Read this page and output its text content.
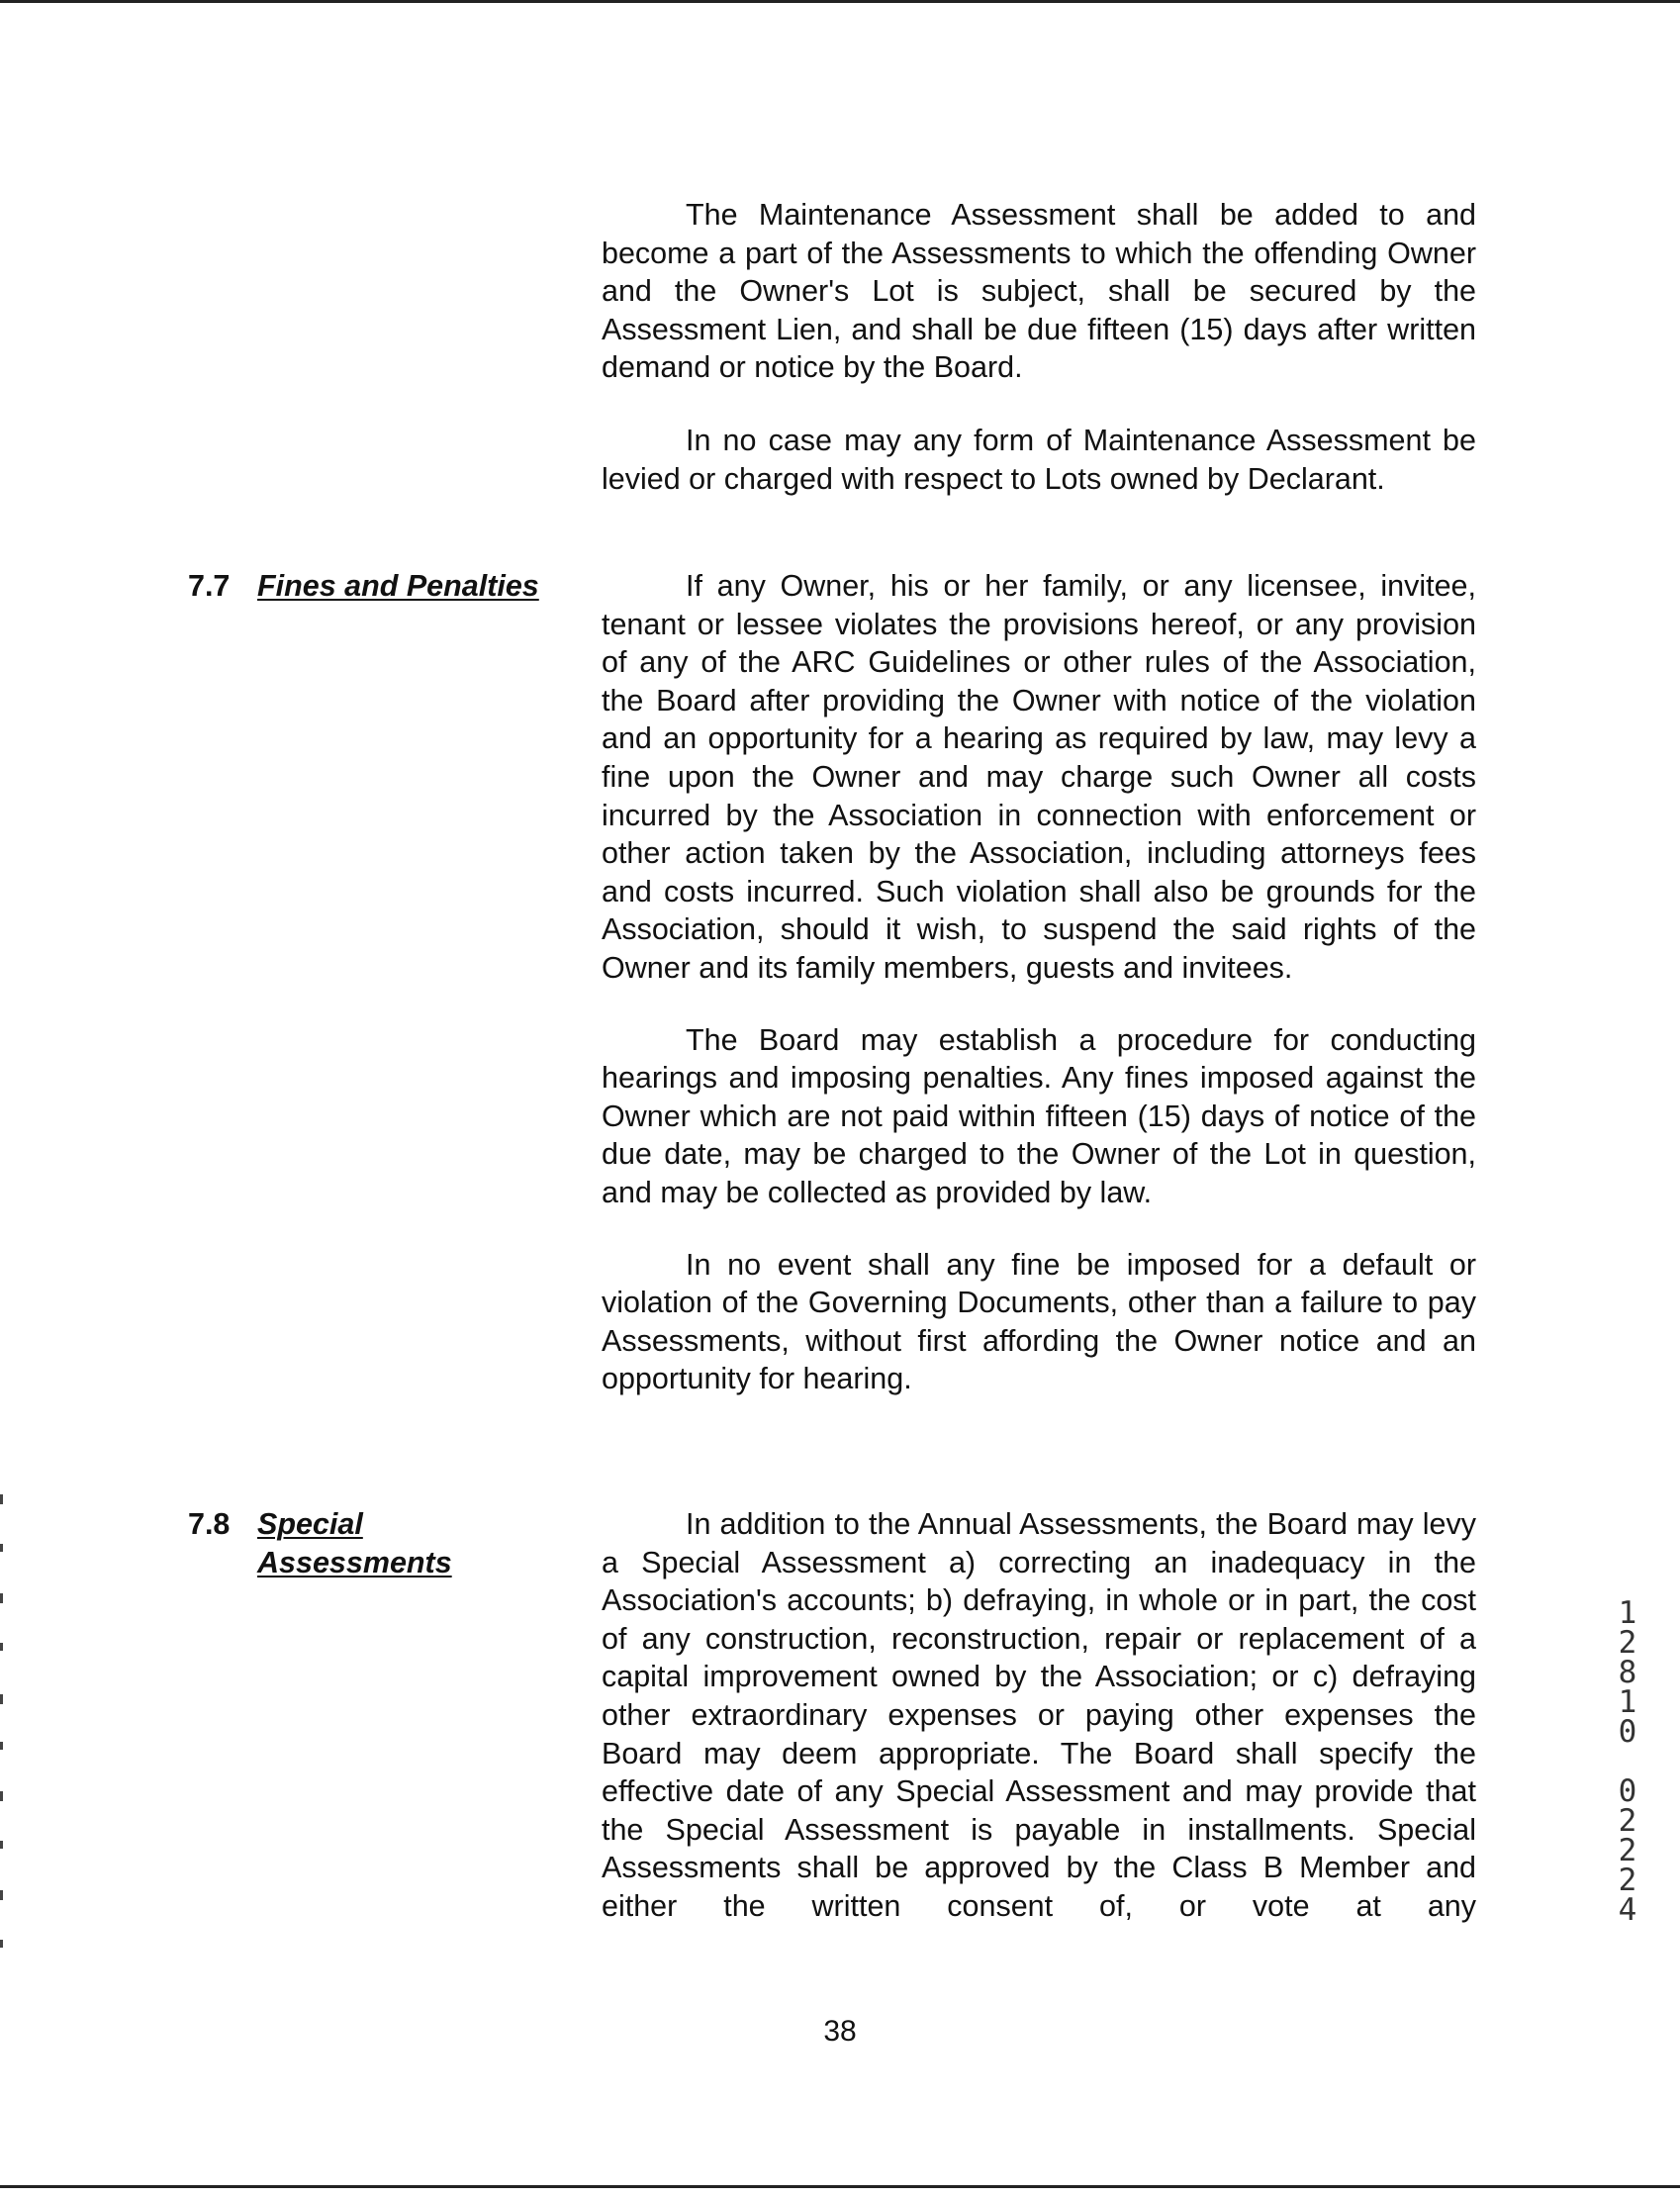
The Maintenance Assessment shall be added to and become a part of the Assessments to which the offending Owner and the Owner's Lot is subject, shall be secured by the Assessment Lien, and shall be due fifteen (15) days after written demand or notice by the Board.

In no case may any form of Maintenance Assessment be levied or charged with respect to Lots owned by Declarant.

7.7 Fines and Penalties	If any Owner, his or her family, or any licensee, invitee, tenant or lessee violates the provisions hereof, or any provision of any of the ARC Guidelines or other rules of the Association, the Board after providing the Owner with notice of the violation and an opportunity for a hearing as required by law, may levy a fine upon the Owner and may charge such Owner all costs incurred by the Association in connection with enforcement or other action taken by the Association, including attorneys fees and costs incurred. Such violation shall also be grounds for the Association, should it wish, to suspend the said rights of the Owner and its family members, guests and invitees.

The Board may establish a procedure for conducting hearings and imposing penalties. Any fines imposed against the Owner which are not paid within fifteen (15) days of notice of the due date, may be charged to the Owner of the Lot in question, and may be collected as provided by law.

In no event shall any fine be imposed for a default or violation of the Governing Documents, other than a failure to pay Assessments, without first affording the Owner notice and an opportunity for hearing.

7.8 Special
Assessments

In addition to the Annual Assessments, the Board may levy a Special Assessment a) correcting an inadequacy in the Association's accounts; b) defraying, in whole or in part, the cost of any construction, reconstruction, repair or replacement of a capital improvement owned by the Association; or c) defraying other extraordinary expenses or paying other expenses the Board may deem appropriate. The Board shall specify the effective date of any Special Assessment and may provide that the Special Assessment is payable in installments. Special Assessments shall be approved by the Class B Member and either the written consent of, or vote at any

1
2
8
1
0
0
2
2
2
4
38
